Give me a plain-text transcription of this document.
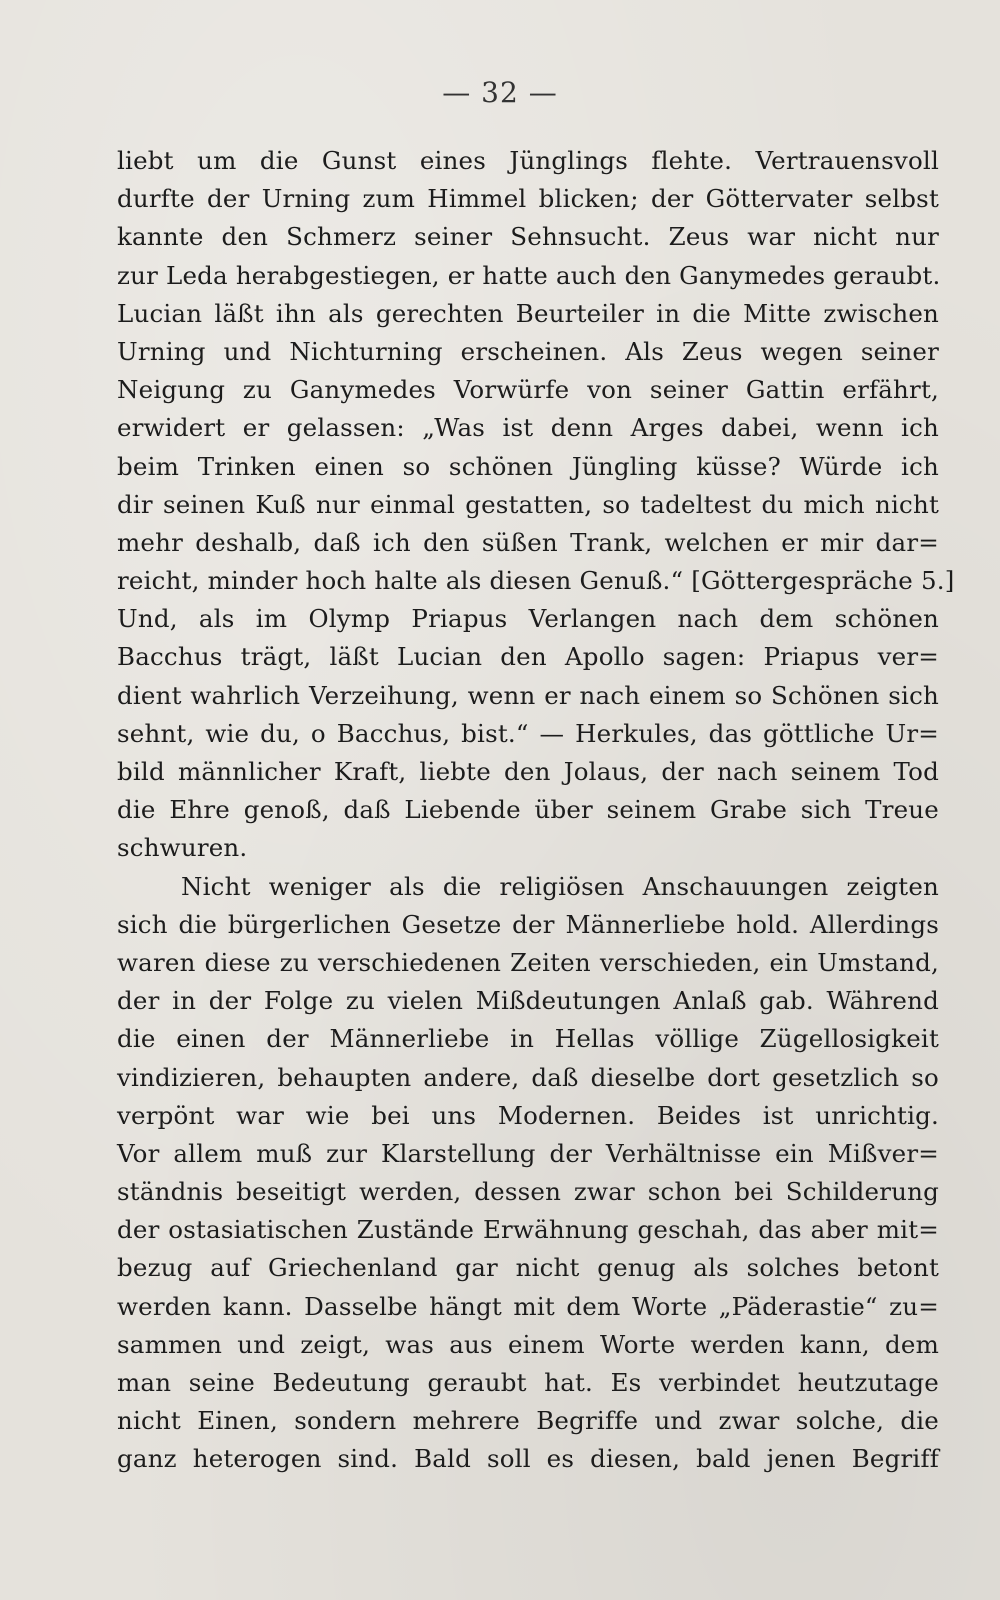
— 32 —
liebt um die Gunst eines Jünglings flehte. Vertrauensvoll
durfte der Urning zum Himmel blicken; der Göttervater selbst
kannte den Schmerz seiner Sehnsucht. Zeus war nicht nur
zur Leda herabgestiegen, er hatte auch den Ganymedes geraubt.
Lucian läßt ihn als gerechten Beurteiler in die Mitte zwischen
Urning und Nichturning erscheinen. Als Zeus wegen seiner
Neigung zu Ganymedes Vorwürfe von seiner Gattin erfährt,
erwidert er gelassen: „Was ist denn Arges dabei, wenn ich
beim Trinken einen so schönen Jüngling küsse? Würde ich
dir seinen Kuß nur einmal gestatten, so tadeltest du mich nicht
mehr deshalb, daß ich den süßen Trank, welchen er mir dar=
reicht, minder hoch halte als diesen Genuß.“ [Göttergespräche 5.]
Und, als im Olymp Priapus Verlangen nach dem schönen
Bacchus trägt, läßt Lucian den Apollo sagen: Priapus ver=
dient wahrlich Verzeihung, wenn er nach einem so Schönen sich
sehnt, wie du, o Bacchus, bist.“ — Herkules, das göttliche Ur=
bild männlicher Kraft, liebte den Jolaus, der nach seinem Tod
die Ehre genoß, daß Liebende über seinem Grabe sich Treue
schwuren.
Nicht weniger als die religiösen Anschauungen zeigten
sich die bürgerlichen Gesetze der Männerliebe hold. Allerdings
waren diese zu verschiedenen Zeiten verschieden, ein Umstand,
der in der Folge zu vielen Mißdeutungen Anlaß gab. Während
die einen der Männerliebe in Hellas völlige Zügellosigkeit
vindizieren, behaupten andere, daß dieselbe dort gesetzlich so
verpönt war wie bei uns Modernen. Beides ist unrichtig.
Vor allem muß zur Klarstellung der Verhältnisse ein Mißver=
ständnis beseitigt werden, dessen zwar schon bei Schilderung
der ostasiatischen Zustände Erwähnung geschah, das aber mit=
bezug auf Griechenland gar nicht genug als solches betont
werden kann. Dasselbe hängt mit dem Worte „Päderastie“ zu=
sammen und zeigt, was aus einem Worte werden kann, dem
man seine Bedeutung geraubt hat. Es verbindet heutzutage
nicht Einen, sondern mehrere Begriffe und zwar solche, die
ganz heterogen sind. Bald soll es diesen, bald jenen Begriff
